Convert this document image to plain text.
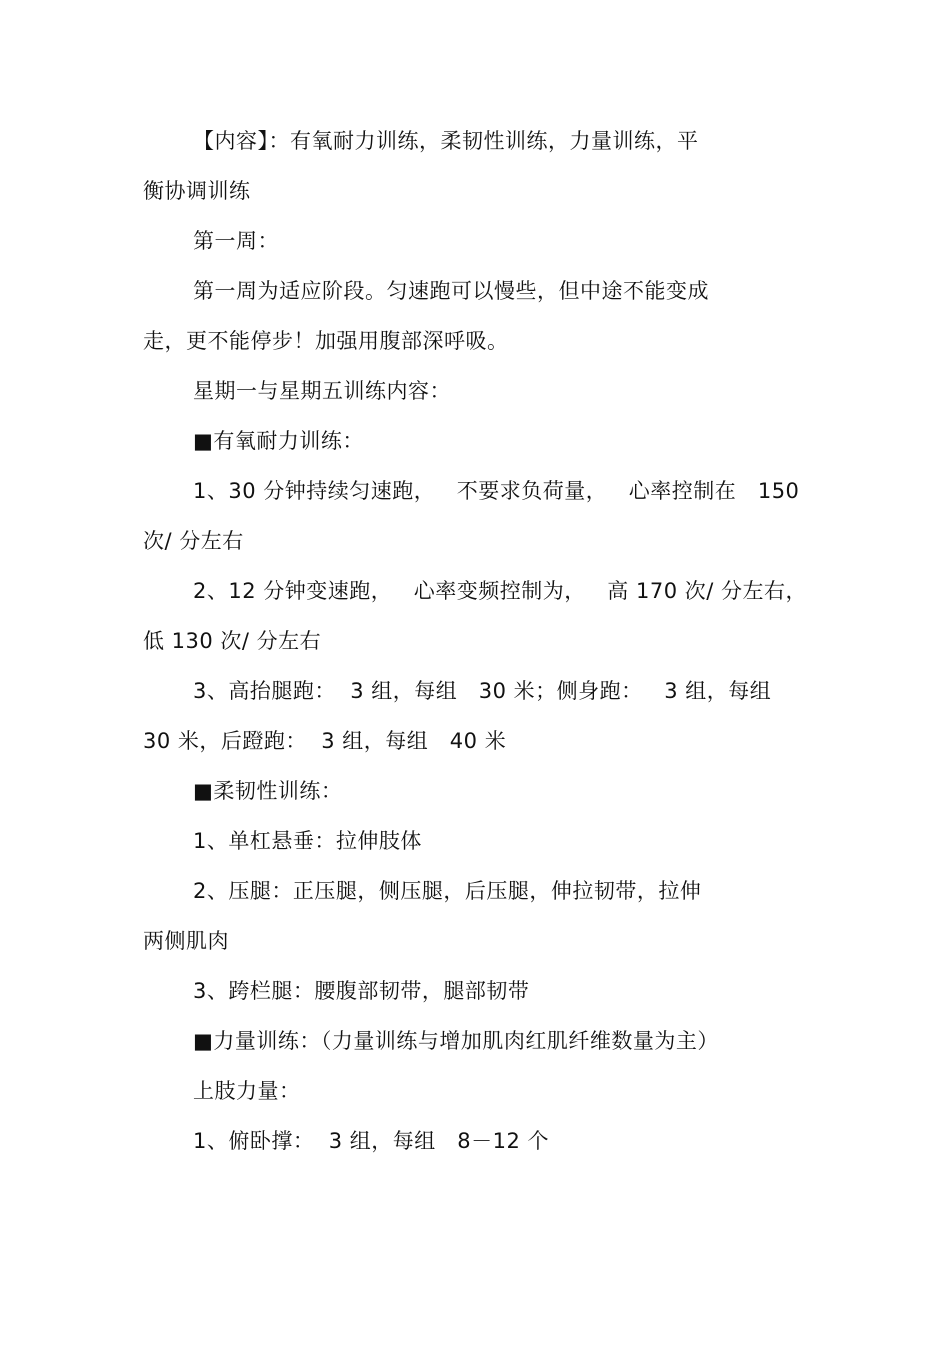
【内容】：有氧耐力训练，柔韧性训练，力量训练，平
衡协调训练
第一周：
第一周为适应阶段。匀速跑可以慢些，但中途不能变成
走，更不能停步！加强用腹部深呼吸。
星期一与星期五训练内容：
■有氧耐力训练：
1、30 分钟持续匀速跑，   不要求负荷量，   心率控制在   150
次/ 分左右
2、12 分钟变速跑，   心率变频控制为，   高 170 次/ 分左右，
低 130 次/ 分左右
3、高抬腿跑：  3 组，每组   30 米；侧身跑：   3 组，每组
30 米，后蹬跑：  3 组，每组   40 米
■柔韧性训练：
1、单杠悬垂：拉伸肢体
2、压腿：正压腿，侧压腿，后压腿，伸拉韧带，拉伸
两侧肌肉
3、跨栏腿：腰腹部韧带，腿部韧带
■力量训练：（力量训练与增加肌肉红肌纤维数量为主）
上肢力量：
1、俯卧撑：  3 组，每组   8－12 个
